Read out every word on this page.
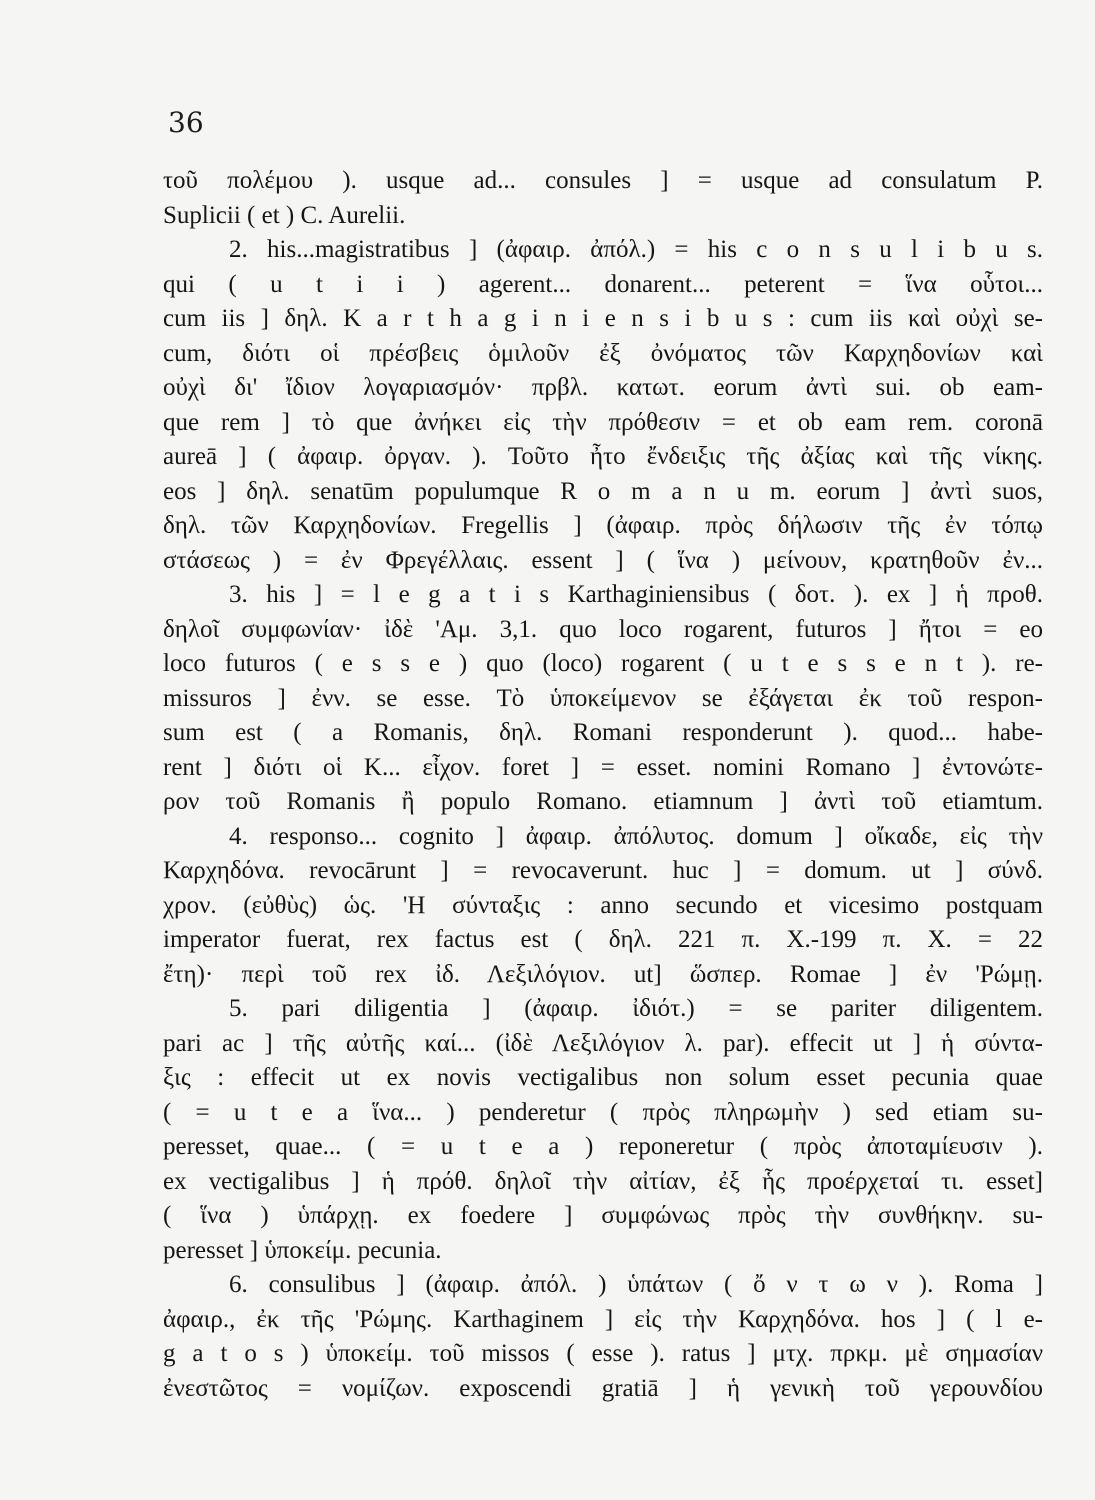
36
τοῦ πολέμου ). usque ad... consules ] = usque ad consulatum P.
Suplicii ( et ) C. Aurelii.
2. his...magistratibus ] (ἀφαιρ. ἀπόλ.) = his c o n s u l i b u s.
qui ( u t i i ) agerent... donarent... peterent = ἵνα οὗτοι...
cum iis ] δηλ. K a r t h a g i n i e n s i b u s : cum iis καὶ οὐχὶ se-
cum, διότι οἱ πρέσβεις ὁμιλοῦν ἐξ ὀνόματος τῶν Καρχηδονίων καὶ
οὐχὶ δι' ἴδιον λογαριασμόν· πρβλ. κατωτ. eorum ἀντὶ sui. ob eam-
que rem ] τὸ que ἀνήκει εἰς τὴν πρόθεσιν = et ob eam rem. coronā
aureā ] ( ἀφαιρ. ὀργαν. ). Τοῦτο ἦτο ἔνδειξις τῆς ἀξίας καὶ τῆς νίκης.
eos ] δηλ. senatūm populumque R o m a n u m. eorum ] ἀντὶ suos,
δηλ. τῶν Καρχηδονίων. Fregellis ] (ἀφαιρ. πρὸς δήλωσιν τῆς ἐν τόπῳ
στάσεως ) = ἐν Φρεγέλλαις. essent ] ( ἵνα ) μείνουν, κρατηθοῦν ἐν...
3. his ] = l e g a t i s Karthaginiensibus ( δοτ. ). ex ] ἡ προθ.
δηλοῖ συμφωνίαν· ἰδὲ 'Αμ. 3,1. quo loco rogarent, futuros ] ἤτοι = eo
loco futuros ( e s s e ) quo (loco) rogarent ( u t e s s e n t ). re-
missuros ] ἐνν. se esse. Τὸ ὑποκείμενον se ἐξάγεται ἐκ τοῦ respon-
sum est ( a Romanis, δηλ. Romani responderunt ). quod... habe-
rent ] διότι οἱ K... εἶχον. foret ] = esset. nomini Romano ] ἐντονώτε-
ρον τοῦ Romanis ἢ populo Romano. etiamnum ] ἀντὶ τοῦ etiamtum.
4. responso... cognito ] ἀφαιρ. ἀπόλυτος. domum ] οἴκαδε, εἰς τὴν
Καρχηδόνα. revocārunt ] = revocaverunt. huc ] = domum. ut ] σύνδ.
χρον. (εὐθὺς) ὡς. 'Η σύνταξις : anno secundo et vicesimo postquam
imperator fuerat, rex factus est ( δηλ. 221 π. X.-199 π. X. = 22
ἔτη)· περὶ τοῦ rex ἰδ. Λεξιλόγιον. ut] ὥσπερ. Romae ] ἐν 'Ρώμῃ.
5. pari diligentia ] (ἀφαιρ. ἰδιότ.) = se pariter diligentem.
pari ac ] τῆς αὐτῆς καί... (ἰδὲ Λεξιλόγιον λ. par). effecit ut ] ἡ σύντα-
ξις : effecit ut ex novis vectigalibus non solum esset pecunia quae
( = u t e a ἵνα... ) penderetur ( πρὸς πληρωμὴν ) sed etiam su-
peresset, quae... ( = u t e a ) reponeretur ( πρὸς ἀποταμίευσιν ).
ex vectigalibus ] ἡ πρόθ. δηλοῖ τὴν αἰτίαν, ἐξ ἧς προέρχεταί τι. esset]
( ἵνα ) ὑπάρχῃ. ex foedere ] συμφώνως πρὸς τὴν συνθήκην. su-
peresset ] ὑποκείμ. pecunia.
6. consulibus ] (ἀφαιρ. ἀπόλ. ) ὑπάτων ( ὄ ν τ ω ν ). Roma ]
ἀφαιρ., ἐκ τῆς 'Ρώμης. Karthaginem ] εἰς τὴν Καρχηδόνα. hos ] ( l e-
g a t o s ) ὑποκείμ. τοῦ missos ( esse ). ratus ] μτχ. πρκμ. μὲ σημασίαν
ἐνεστῶτος = νομίζων. exposcendi gratiā ] ἡ γενικὴ τοῦ γερουνδίου
